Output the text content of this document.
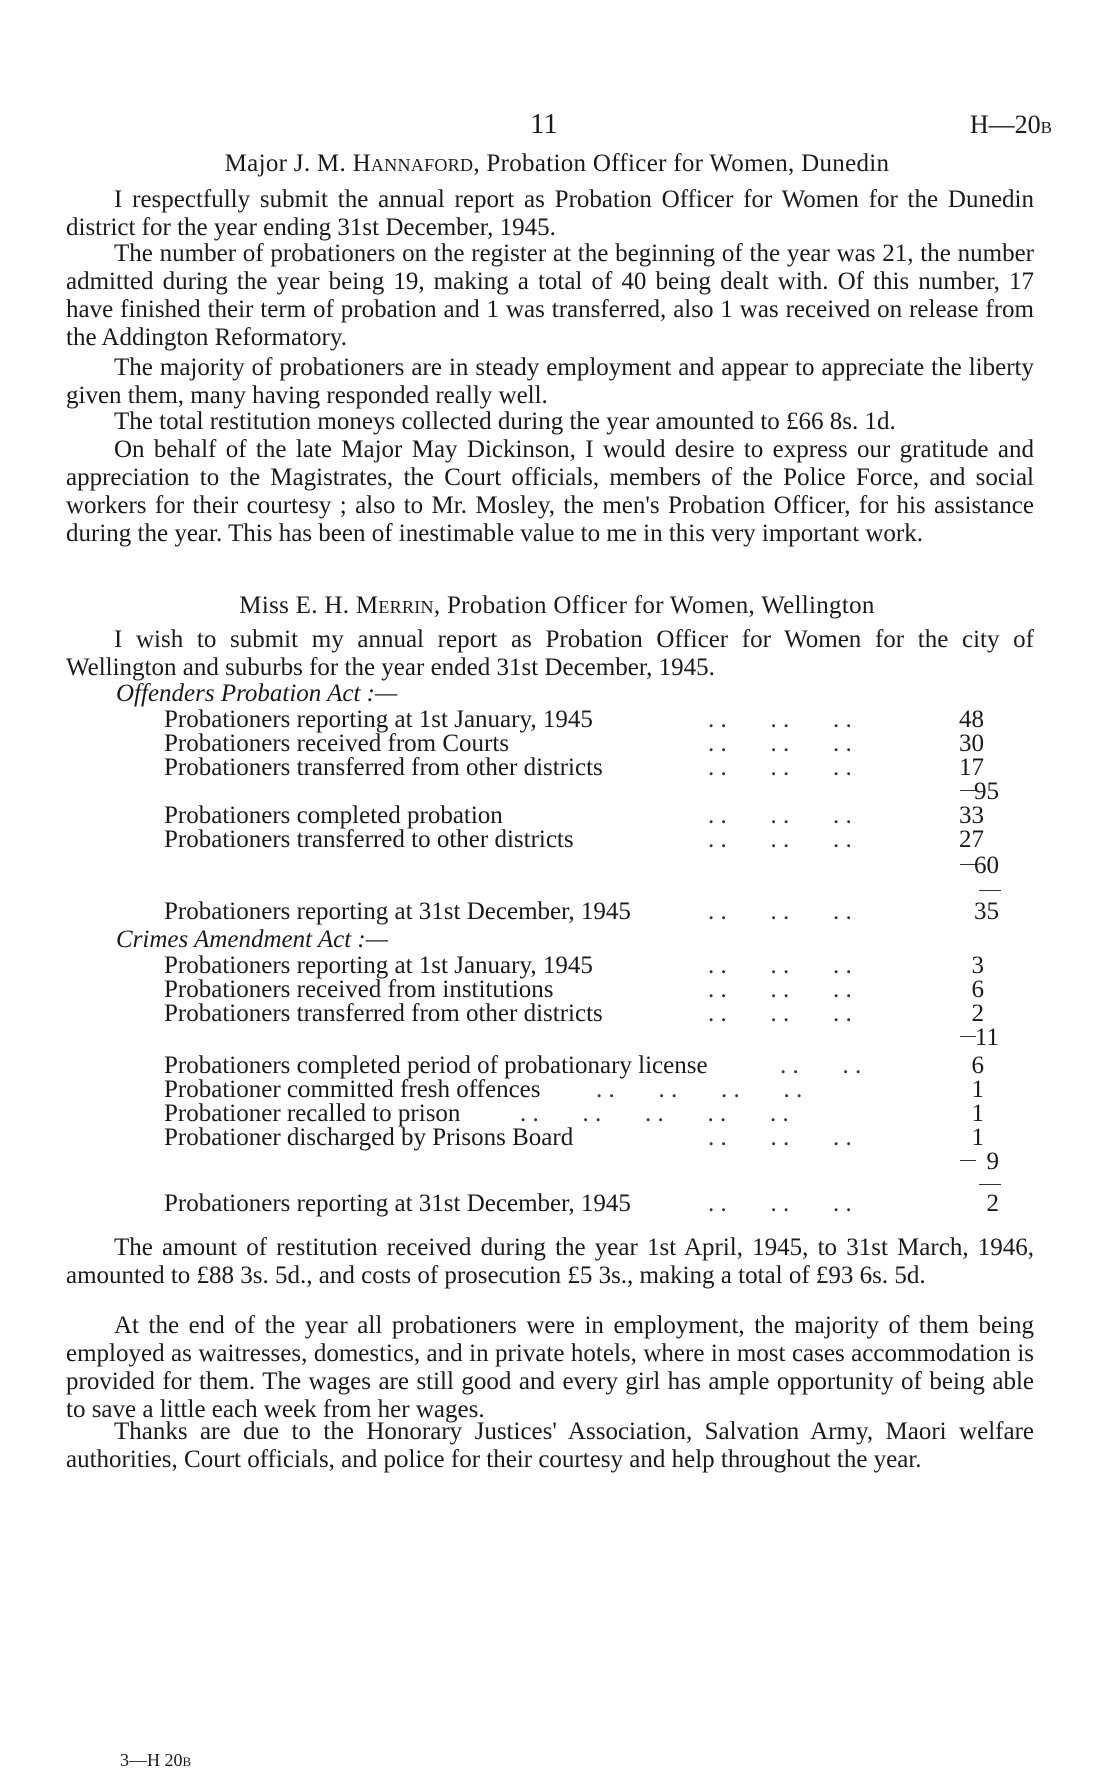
11	H—20B
Major J. M. Hannaford, Probation Officer for Women, Dunedin
I respectfully submit the annual report as Probation Officer for Women for the Dunedin district for the year ending 31st December, 1945.
The number of probationers on the register at the beginning of the year was 21, the number admitted during the year being 19, making a total of 40 being dealt with. Of this number, 17 have finished their term of probation and 1 was transferred, also 1 was received on release from the Addington Reformatory.
The majority of probationers are in steady employment and appear to appreciate the liberty given them, many having responded really well.
The total restitution moneys collected during the year amounted to £66 8s. 1d.
On behalf of the late Major May Dickinson, I would desire to express our gratitude and appreciation to the Magistrates, the Court officials, members of the Police Force, and social workers for their courtesy ; also to Mr. Mosley, the men's Probation Officer, for his assistance during the year. This has been of inestimable value to me in this very important work.
Miss E. H. Merrin, Probation Officer for Women, Wellington
I wish to submit my annual report as Probation Officer for Women for the city of Wellington and suburbs for the year ended 31st December, 1945.
Offenders Probation Act :—
Probationers reporting at 1st January, 1945	. .       . .       . .	48
Probationers received from Courts	. .       . .       . .	30
Probationers transferred from other districts	. .       . .       . .	17
95
Probationers completed probation	. .       . .       . .	33
Probationers transferred to other districts	. .       . .       . .	27
60
Probationers reporting at 31st December, 1945	. .       . .       . .	35
Crimes Amendment Act :—
Probationers reporting at 1st January, 1945	. .       . .       . .	3
Probationers received from institutions	. .       . .       . .	6
Probationers transferred from other districts	. .       . .       . .	2
11
Probationers completed period of probationary license	. .       . .	6
Probationer committed fresh offences . .       . .       . .       . .	1
Probationer recalled to prison . .       . .       . .       . .       . .	1
Probationer discharged by Prisons Board	. .       . .       . .	1
9
Probationers reporting at 31st December, 1945	. .       . .       . .	2
The amount of restitution received during the year 1st April, 1945, to 31st March, 1946, amounted to £88 3s. 5d., and costs of prosecution £5 3s., making a total of £93 6s. 5d.
At the end of the year all probationers were in employment, the majority of them being employed as waitresses, domestics, and in private hotels, where in most cases accommodation is provided for them. The wages are still good and every girl has ample opportunity of being able to save a little each week from her wages.
Thanks are due to the Honorary Justices' Association, Salvation Army, Maori welfare authorities, Court officials, and police for their courtesy and help throughout the year.
3—H 20B
